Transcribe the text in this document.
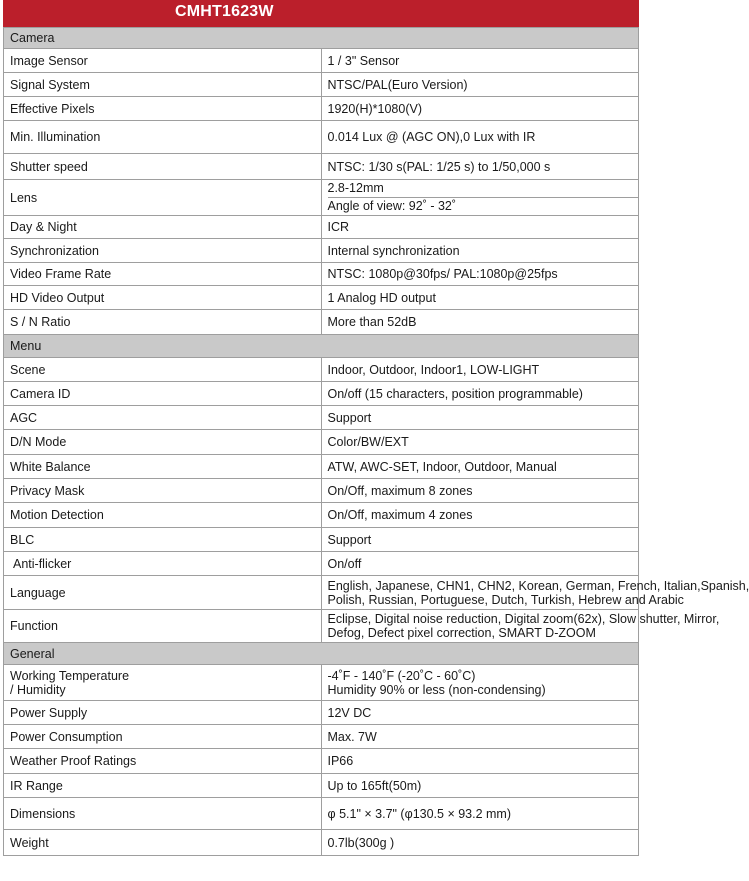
CMHT1623W
Camera	

Image Sensor	1 / 3" Sensor

Signal System	NTSC/PAL(Euro Version)

Effective Pixels	1920(H)*1080(V)

Min. Illumination	0.014 Lux @ (AGC ON),0 Lux with IR

Shutter speed	NTSC: 1/30 s(PAL: 1/25 s) to 1/50,000 s

Lens	2.8-12mm
Angle of view: 92˚ - 32˚

Day & Night	ICR

Synchronization	Internal synchronization

Video Frame Rate	NTSC: 1080p@30fps/ PAL:1080p@25fps

HD Video Output	1 Analog HD output

S / N Ratio	More than 52dB

Menu	

Scene	Indoor, Outdoor, Indoor1, LOW-LIGHT

Camera ID	On/off (15 characters, position programmable)

AGC	Support

D/N Mode	Color/BW/EXT

White Balance	ATW, AWC-SET, Indoor, Outdoor, Manual

Privacy Mask	On/Off, maximum 8 zones

Motion Detection	On/Off, maximum 4 zones

BLC	Support

Anti-flicker	On/off

Language	English, Japanese, CHN1, CHN2, Korean, German, French, Italian,Spanish,
Polish, Russian, Portuguese, Dutch, Turkish, Hebrew and Arabic

Function	Eclipse, Digital noise reduction, Digital zoom(62x), Slow shutter, Mirror,
Defog, Defect pixel correction, SMART D-ZOOM

General	

Working Temperature
/ Humidity	-4˚F - 140˚F (-20˚C - 60˚C)
Humidity 90% or less (non-condensing)

Power Supply	12V DC

Power Consumption	Max. 7W

Weather Proof Ratings	IP66

IR Range	Up to 165ft(50m)

Dimensions	φ 5.1" × 3.7" (φ130.5 × 93.2 mm)

Weight	0.7lb(300g )
